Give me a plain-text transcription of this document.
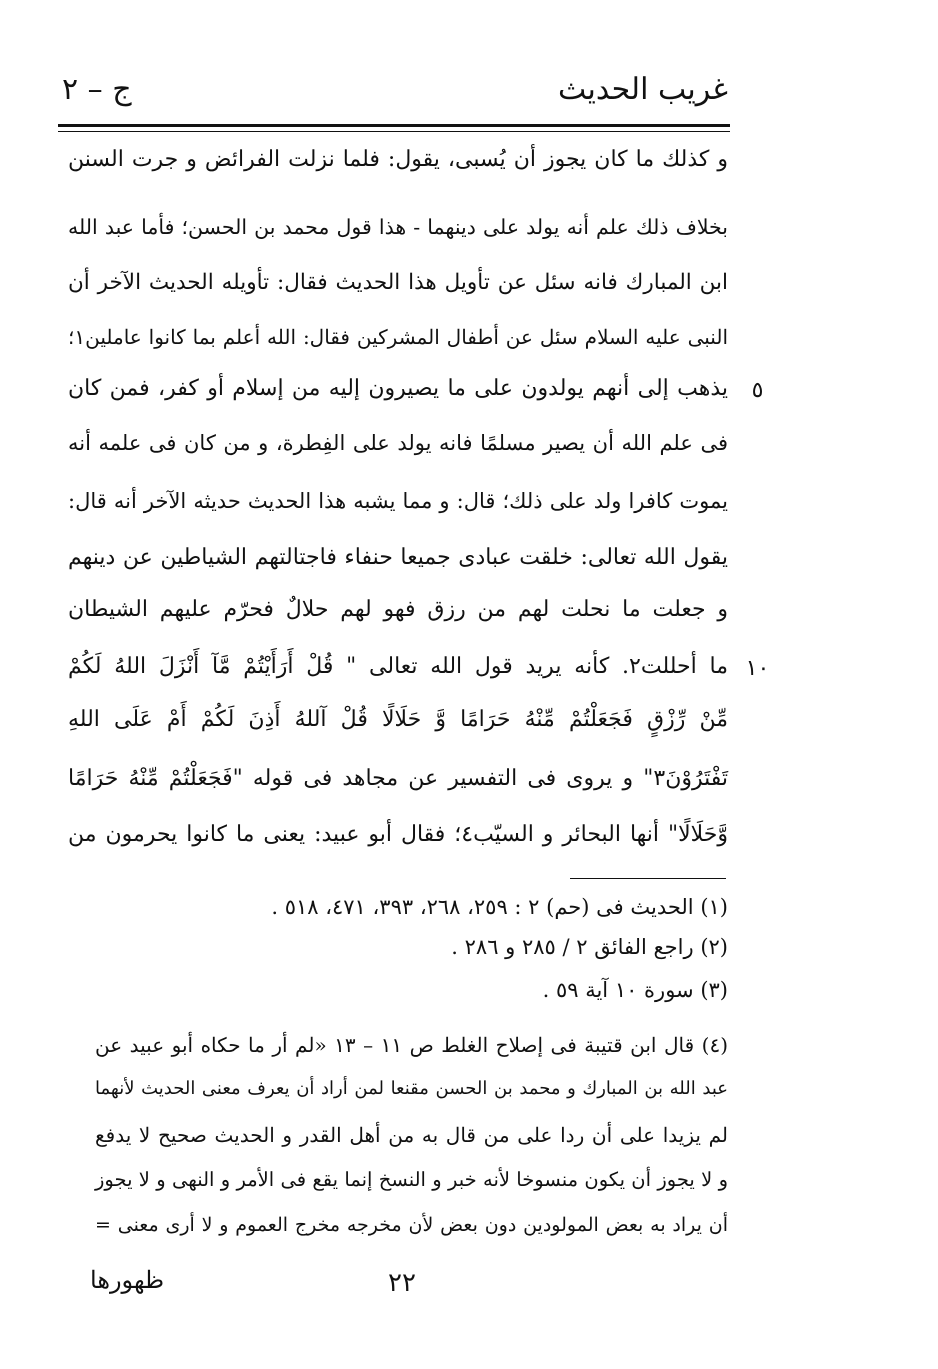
غريب الحديث
ج – ٢
و كذلك ما كان يجوز أن يُسبى، يقول: فلما نزلت الفرائض و جرت السنن
بخلاف ذلك علم أنه يولد على دينهما - هذا قول محمد بن الحسن؛ فأما عبد الله
ابن المبارك فانه سئل عن تأويل هذا الحديث فقال: تأويله الحديث الآخر أن
النبى عليه السلام سئل عن أطفال المشركين فقال: الله أعلم بما كانوا عاملين١؛
يذهب إلى أنهم يولدون على ما يصيرون إليه من إسلام أو كفر، فمن كان
فى علم الله أن يصير مسلمًا فانه يولد على الفِطرة، و من كان فى علمه أنه
يموت كافرا ولد على ذلك؛ قال: و مما يشبه هذا الحديث حديثه الآخر أنه قال:
يقول الله تعالى: خلقت عبادى جميعا حنفاء فاجتالتهم الشياطين عن دينهم
و جعلت ما نحلت لهم من رزق فهو لهم حلالٌ فحرّم عليهم الشيطان
ما أحللت٢. كأنه يريد قول الله تعالى " قُلْ أَرَأَيْتُمْ مَّآ أَنْزَلَ اللهُ لَكُمْ
مِّنْ رِّزْقٍ فَجَعَلْتُمْ مِّنْهُ حَرَامًا وَّ حَلَالًا قُلْ آللهُ أَذِنَ لَكُمْ أَمْ عَلَى اللهِ
تَفْتَرُوْنَ٣" و يروى فى التفسير عن مجاهد فى قوله "فَجَعَلْتُمْ مِّنْهُ حَرَامًا
وَّحَلَالًا" أنها البحائر و السيّب٤؛ فقال أبو عبيد: يعنى ما كانوا يحرمون من
٥
١٠
(١) الحديث فى (حم) ٢ : ٢٥٩، ٢٦٨، ٣٩٣، ٤٧١، ٥١٨ .
(٢) راجع الفائق ٢ / ٢٨٥ و ٢٨٦ .
(٣) سورة ١٠ آية ٥٩ .
(٤) قال ابن قتيبة فى إصلاح الغلط ص ١١ – ١٣ «لم أر ما حكاه أبو عبيد عن
عبد الله بن المبارك و محمد بن الحسن مقنعا لمن أراد أن يعرف معنى الحديث لأنهما
لم يزيدا على أن ردا على من قال به من أهل القدر و الحديث صحيح لا يدفع
و لا يجوز أن يكون منسوخا لأنه خبر و النسخ إنما يقع فى الأمر و النهى و لا يجوز
أن يراد به بعض المولودين دون بعض لأن مخرجه مخرج العموم و لا أرى معنى =
٢٢
ظهورها
